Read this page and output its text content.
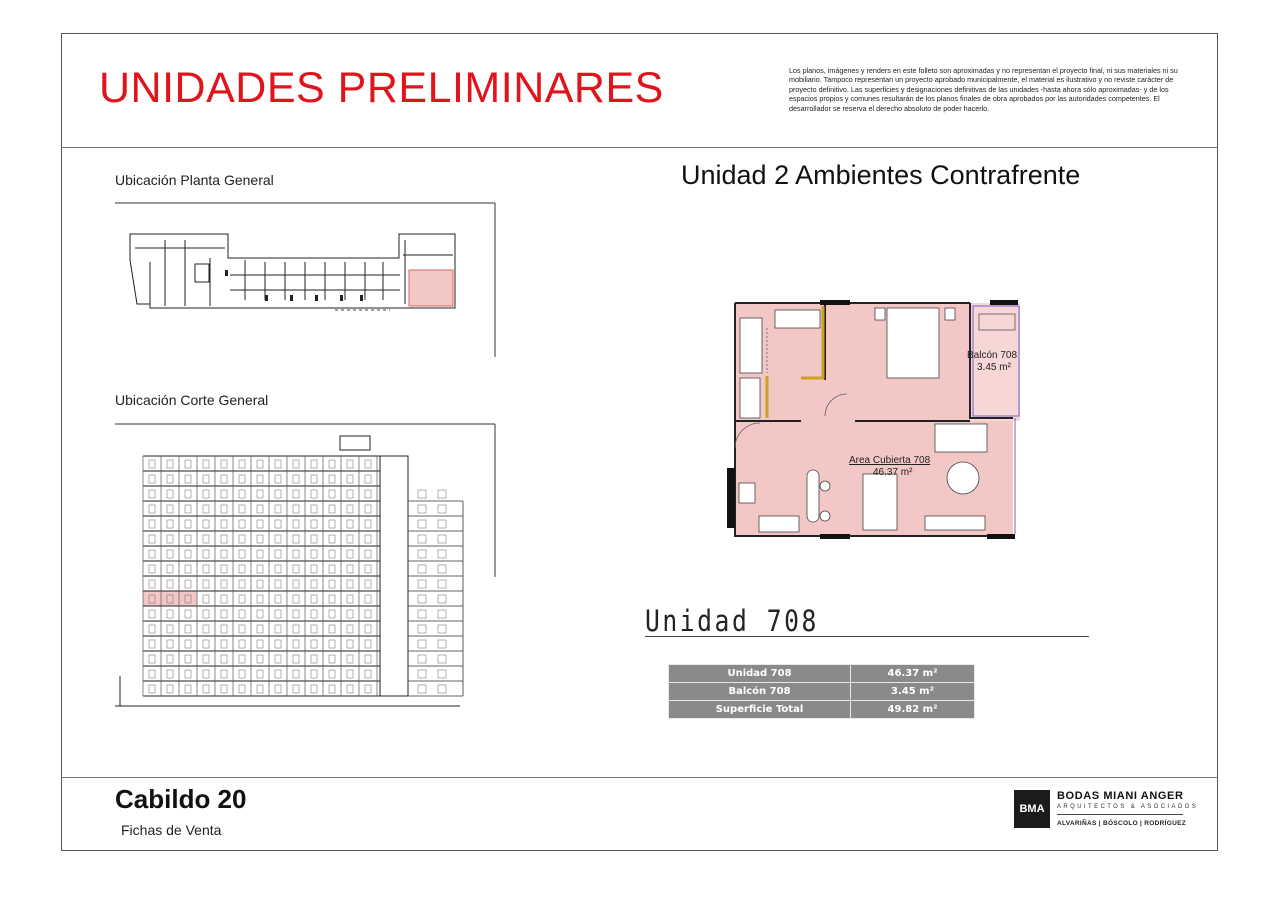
UNIDADES PRELIMINARES	Los planos, imágenes y renders en este folleto son aproximadas y no representan el proyecto final, ni sus materiales ni su mobiliario. Tampoco representan un proyecto aprobado municipalmente, el material es ilustrativo y no reviste carácter de proyecto definitivo. Las superficies y designaciones definitivas de las unidades -hasta ahora sólo aproximadas- y de los espacios propios y comunes resultarán de los planos finales de obra aprobados por las autoridades competentes. El desarrollador se reserva el derecho absoluto de poder hacerlo.
Ubicación Planta General
Ubicación Corte General
Unidad 2 Ambientes Contrafrente
Balcón 708
3.45 m²
Area Cubierta 708
46.37 m²
Unidad 708
Unidad 708	46.37 m²
Balcón 708	3.45 m²
Superficie Total	49.82 m²
Cabildo 20
Fichas de Venta
BMA
BODAS MIANI ANGER
ARQUITECTOS & ASOCIADOS
ALVARIÑAS | BÓSCOLO | RODRÍGUEZ
